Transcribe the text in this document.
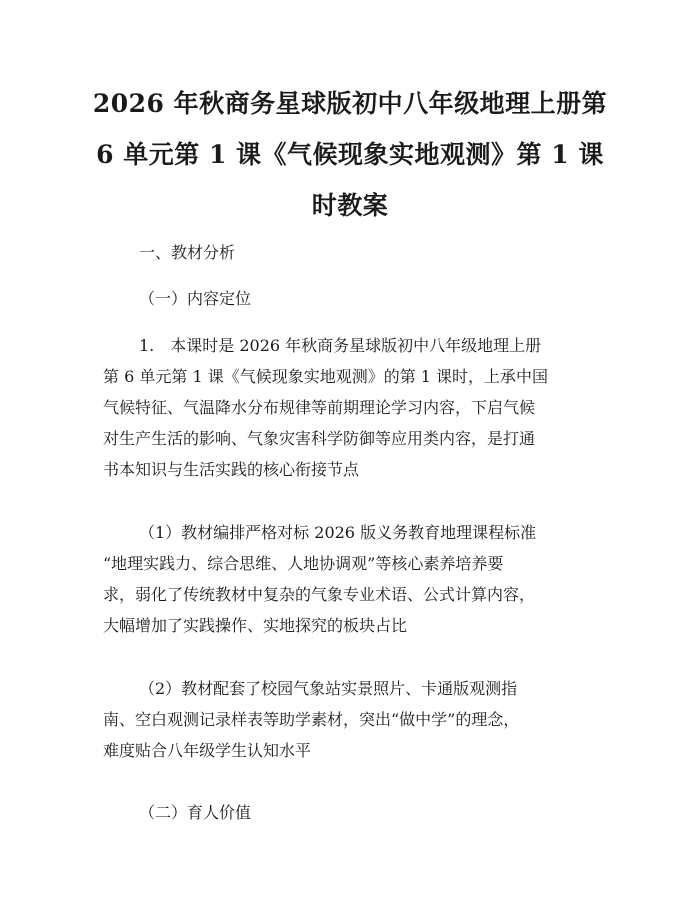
2026 年秋商务星球版初中八年级地理上册第
6 单元第 1 课《气候现象实地观测》第 1 课
时教案

一、教材分析

（一）内容定位

1.　本课时是 2026 年秋商务星球版初中八年级地理上册
第 6 单元第 1 课《气候现象实地观测》的第 1 课时，上承中国
气候特征、气温降水分布规律等前期理论学习内容，下启气候
对生产生活的影响、气象灾害科学防御等应用类内容，是打通
书本知识与生活实践的核心衔接节点

（1）教材编排严格对标 2026 版义务教育地理课程标准
“地理实践力、综合思维、人地协调观”等核心素养培养要
求，弱化了传统教材中复杂的气象专业术语、公式计算内容，
大幅增加了实践操作、实地探究的板块占比

（2）教材配套了校园气象站实景照片、卡通版观测指
南、空白观测记录样表等助学素材，突出“做中学”的理念，
难度贴合八年级学生认知水平

（二）育人价值
